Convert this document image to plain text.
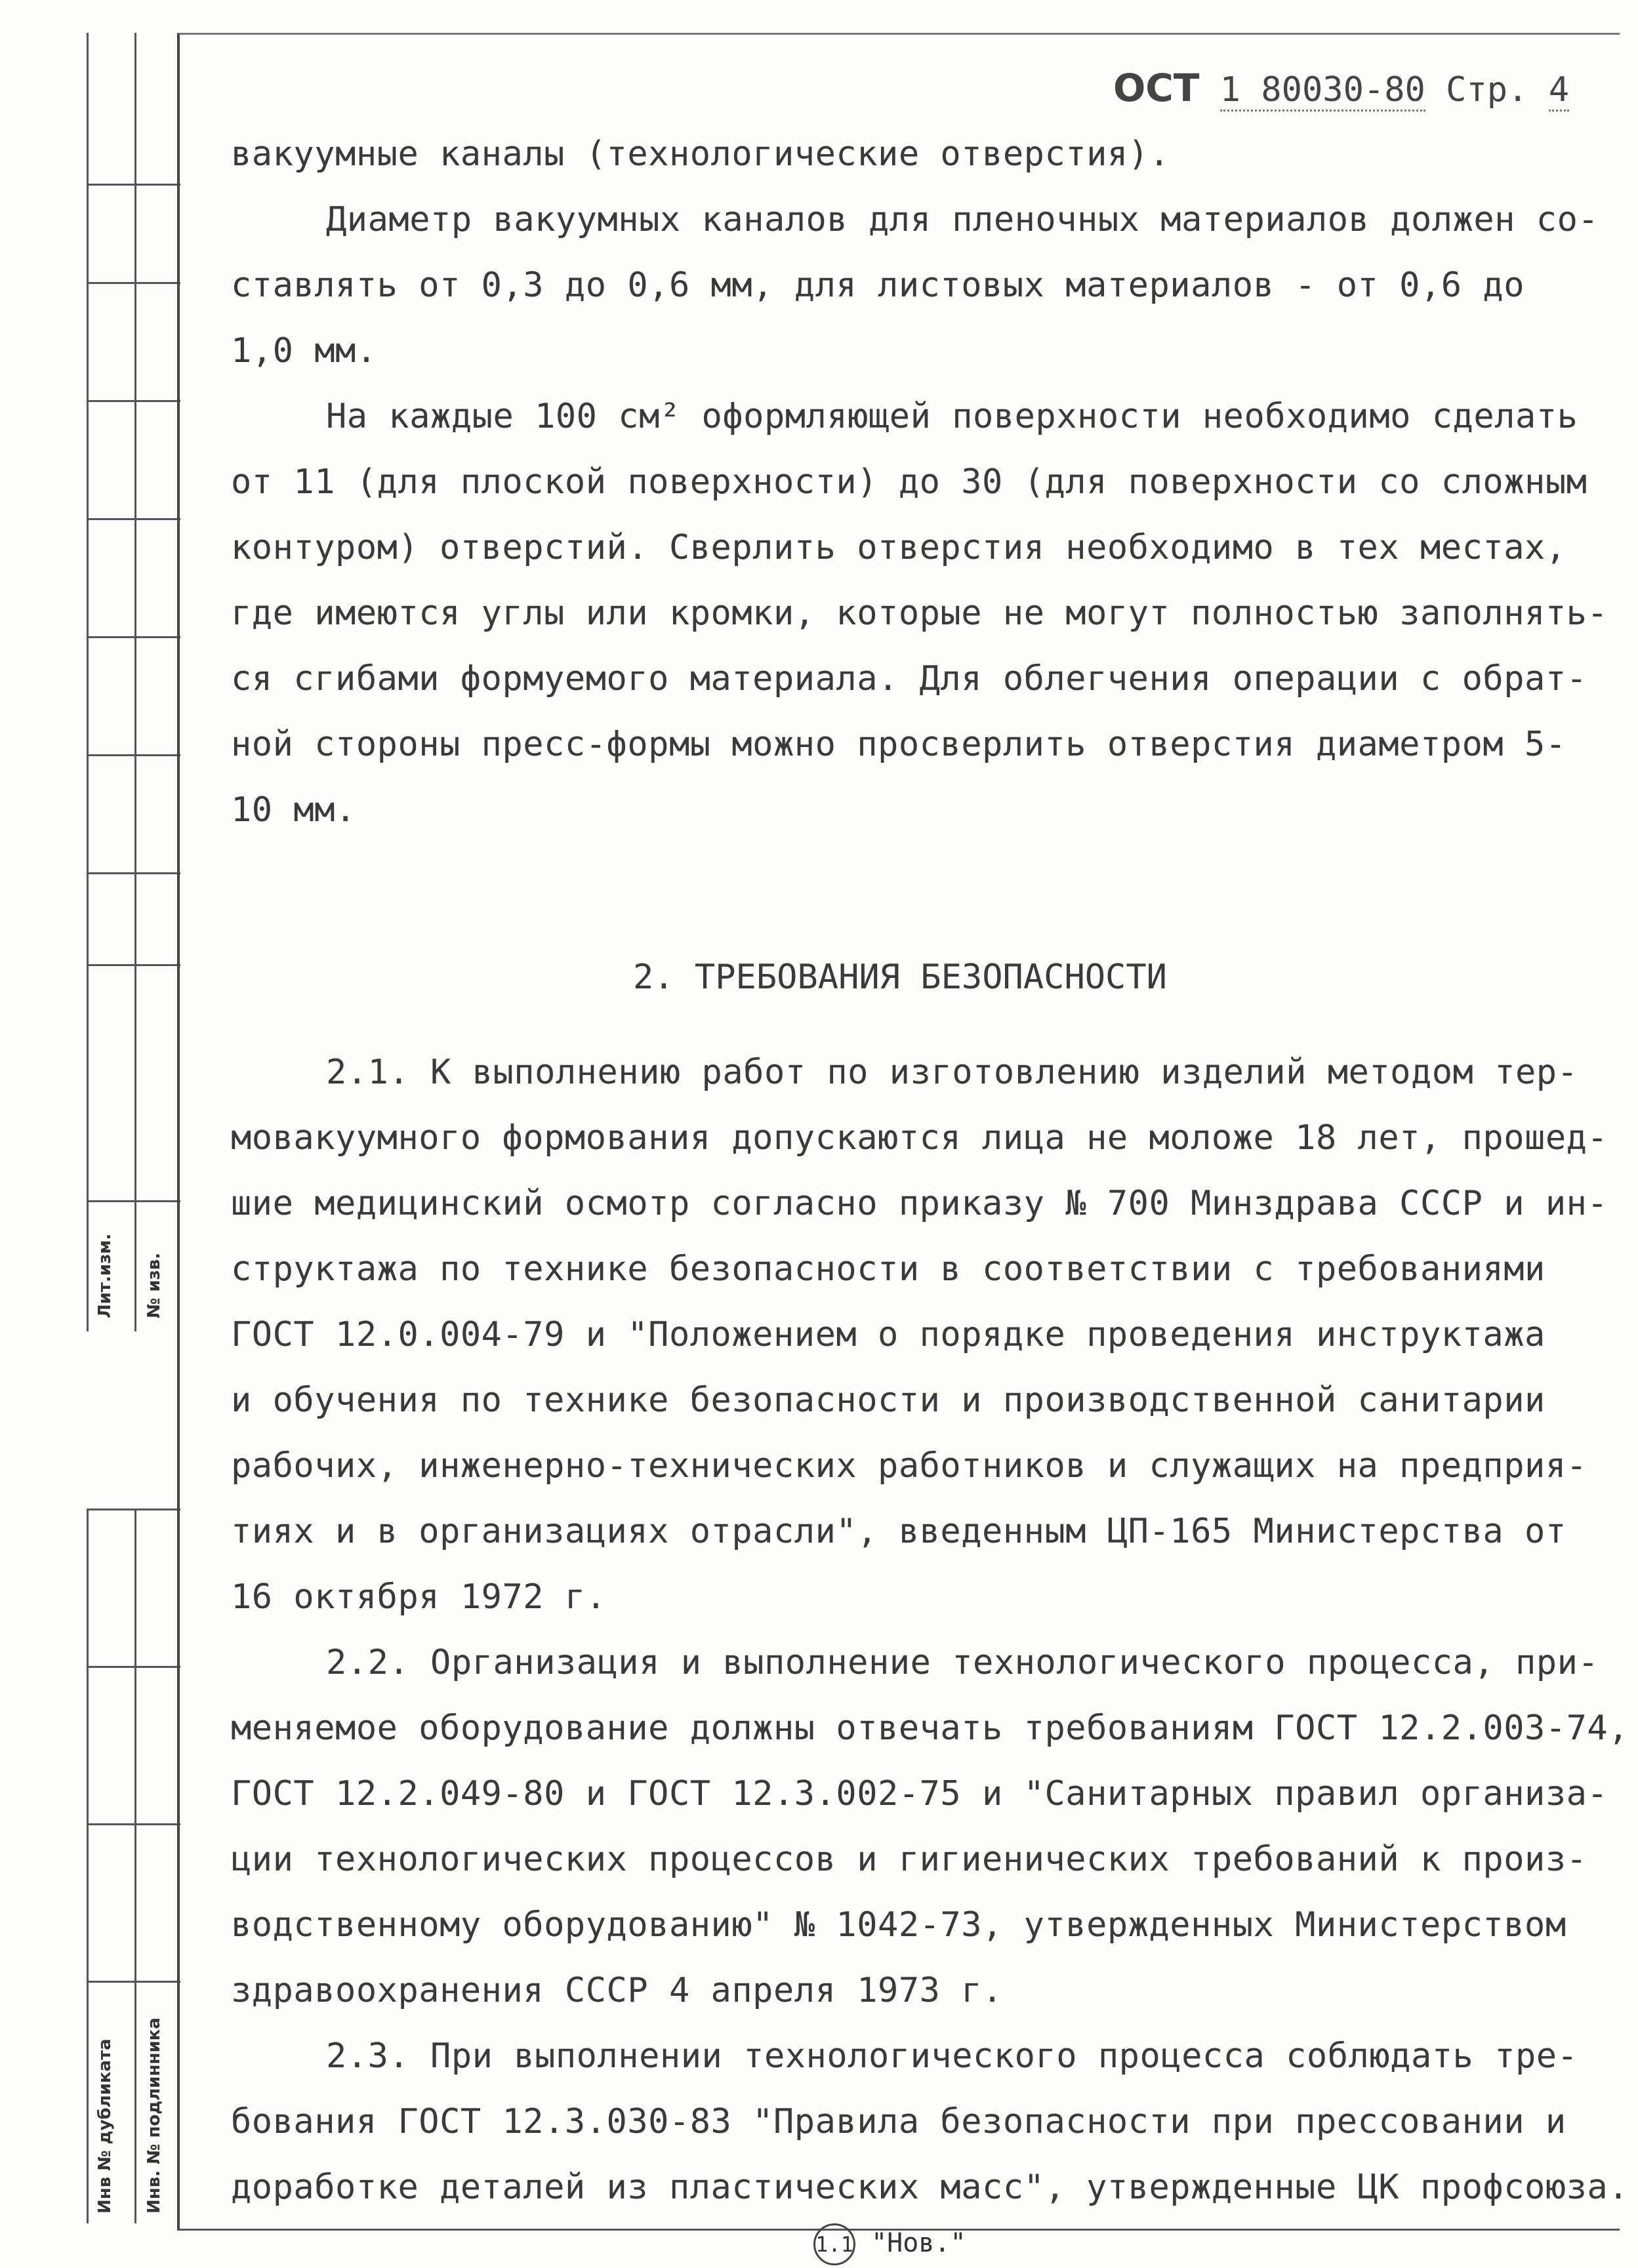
Лит.изм. № изв.
Инв № дубликата Инв. № подлинника
ОСТ 1 80030-80 Стр. 4
вакуумные каналы (технологические отверстия).
Диаметр вакуумных каналов для пленочных материалов должен со-
ставлять от 0,3 до 0,6 мм, для листовых материалов - от 0,6 до
1,0 мм.
На каждые 100 см² оформляющей поверхности необходимо сделать
от 11 (для плоской поверхности) до 30 (для поверхности со сложным
контуром) отверстий. Сверлить отверстия необходимо в тех местах,
где имеются углы или кромки, которые не могут полностью заполнять-
ся сгибами формуемого материала. Для облегчения операции с обрат-
ной стороны пресс-формы можно просверлить отверстия диаметром 5-
10 мм.
2. ТРЕБОВАНИЯ БЕЗОПАСНОСТИ
2.1. К выполнению работ по изготовлению изделий методом тер-
мовакуумного формования допускаются лица не моложе 18 лет, прошед-
шие медицинский осмотр согласно приказу № 700 Минздрава СССР и ин-
структажа по технике безопасности в соответствии с требованиями
ГОСТ 12.0.004-79 и "Положением о порядке проведения инструктажа
и обучения по технике безопасности и производственной санитарии
рабочих, инженерно-технических работников и служащих на предприя-
тиях и в организациях отрасли", введенным ЦП-165 Министерства от
16 октября 1972 г.
2.2. Организация и выполнение технологического процесса, при-
меняемое оборудование должны отвечать требованиям ГОСТ 12.2.003-74,
ГОСТ 12.2.049-80 и ГОСТ 12.3.002-75 и "Санитарных правил организа-
ции технологических процессов и гигиенических требований к произ-
водственному оборудованию" № 1042-73, утвержденных Министерством
здравоохранения СССР 4 апреля 1973 г.
2.3. При выполнении технологического процесса соблюдать тре-
бования ГОСТ 12.3.030-83 "Правила безопасности при прессовании и
доработке деталей из пластических масс", утвержденные ЦК профсоюза.
1.1 "Нов."
